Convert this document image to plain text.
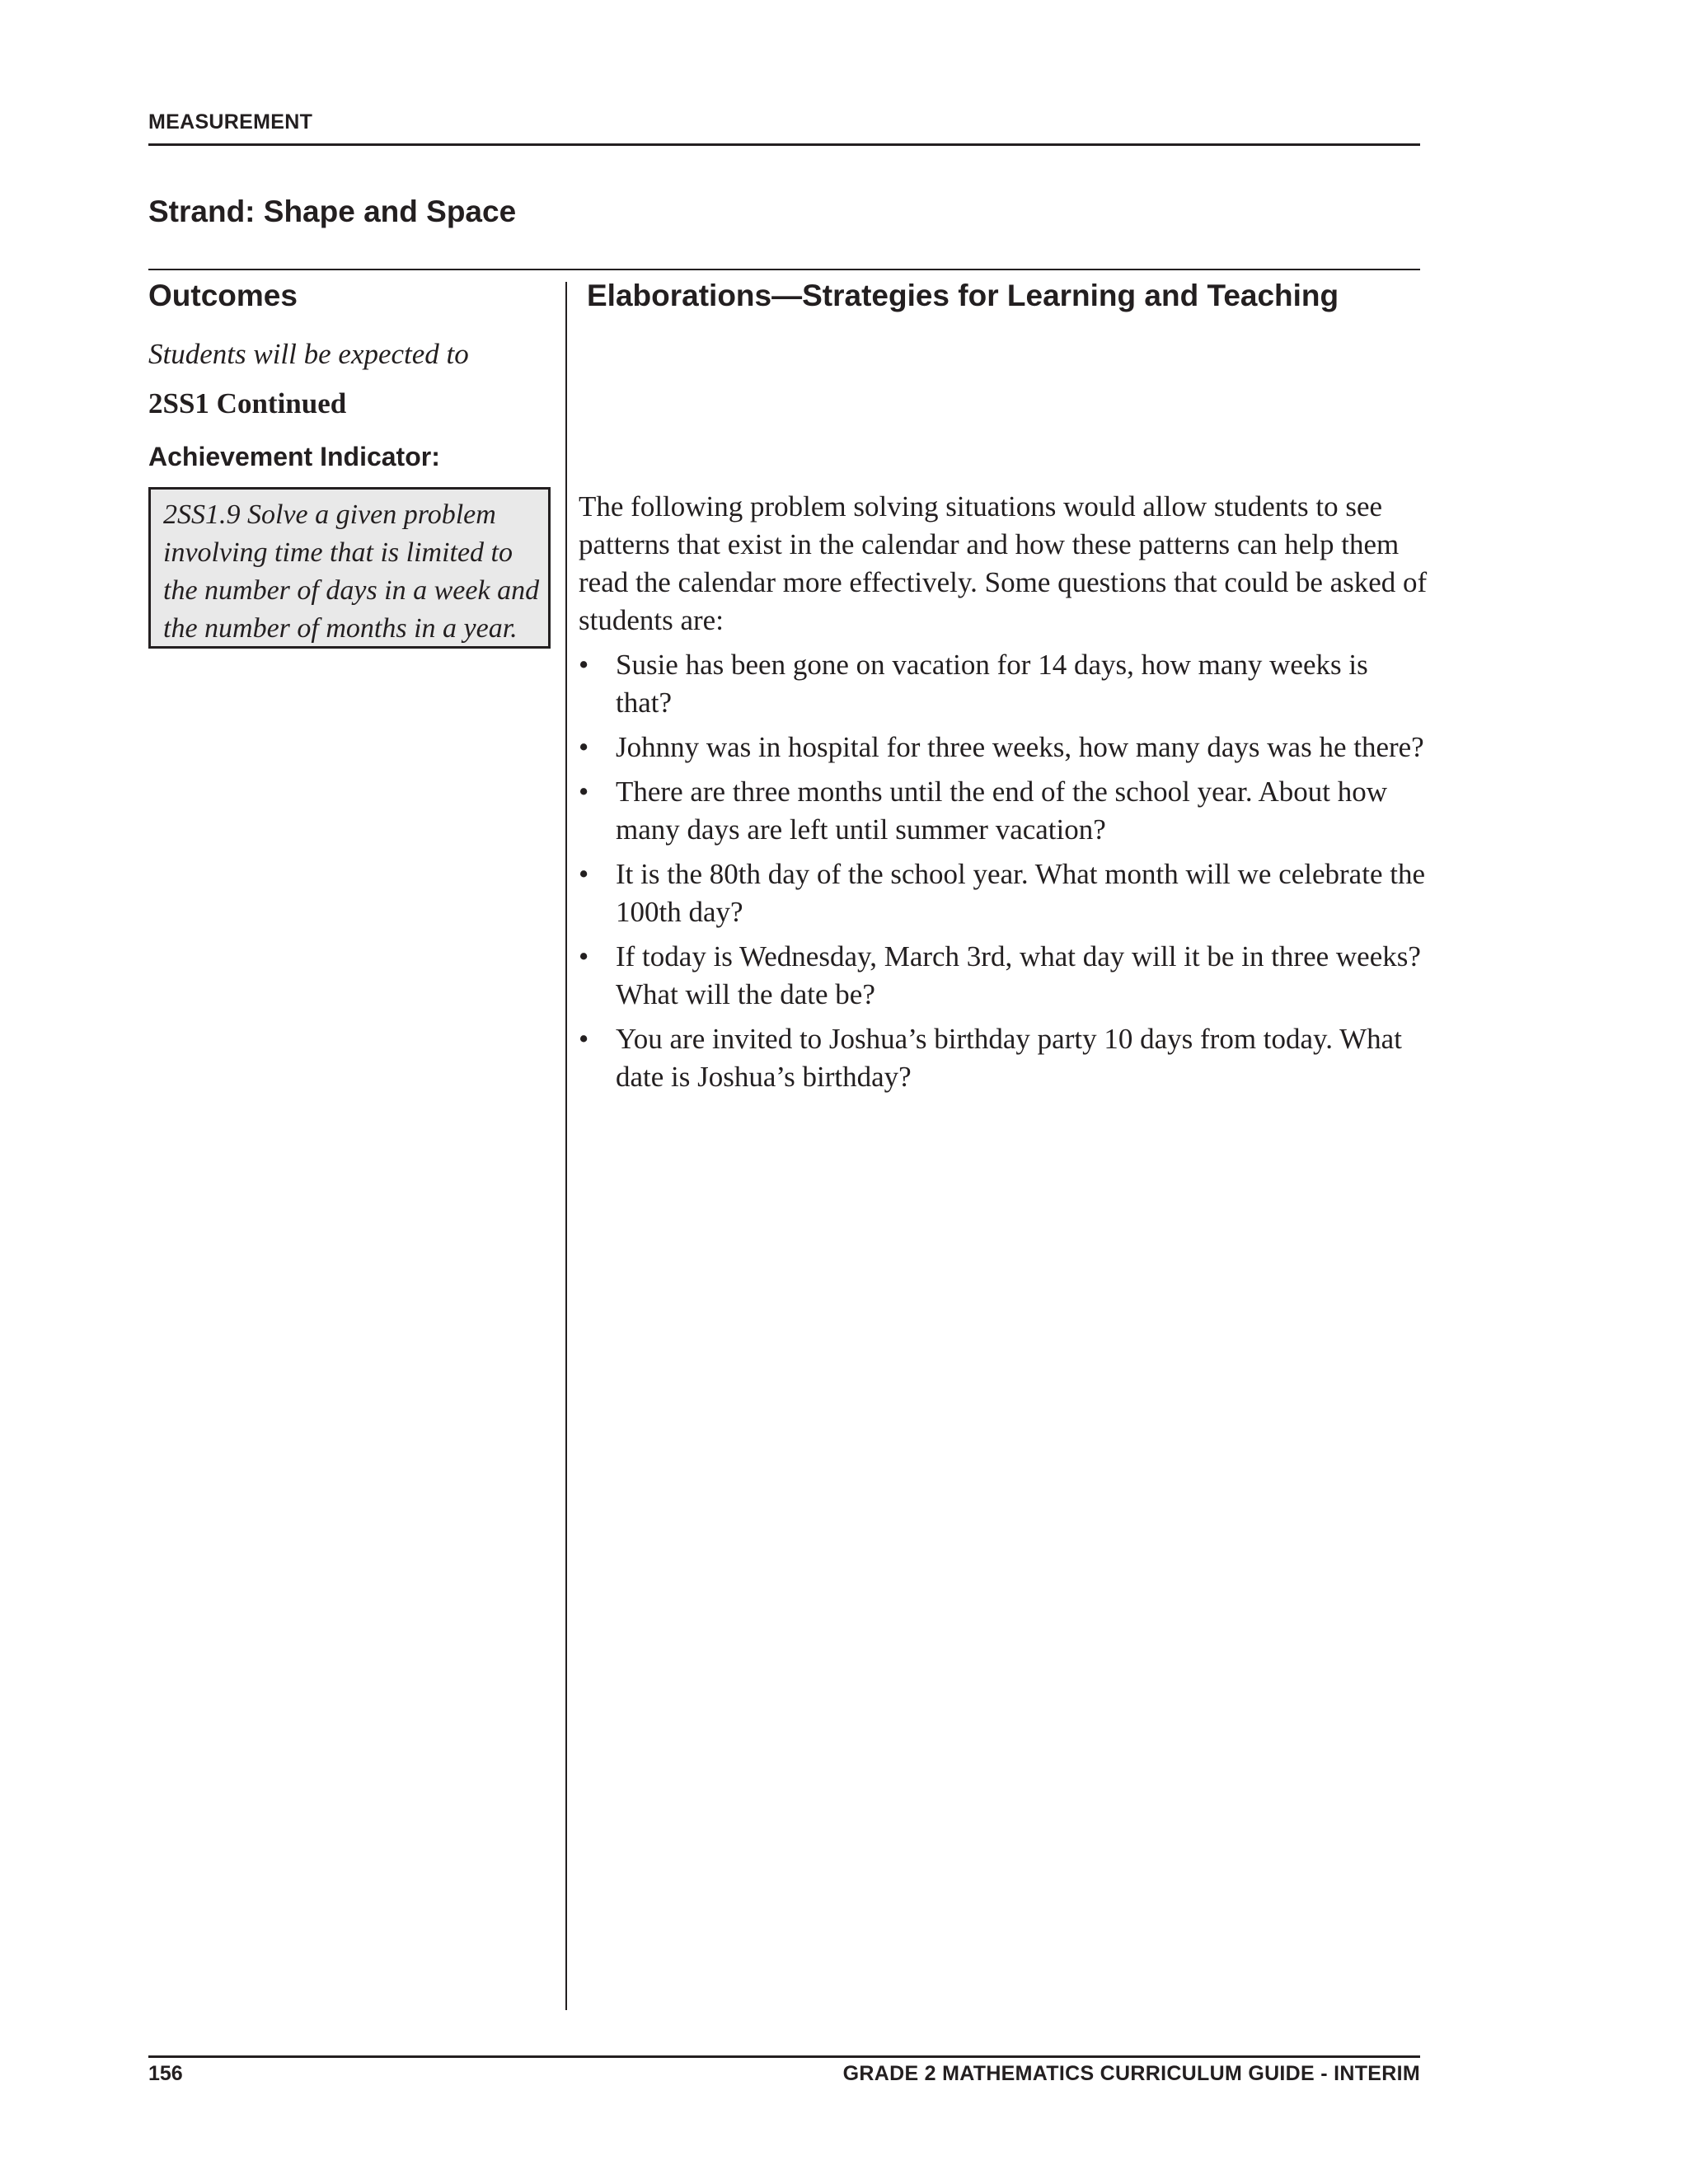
MEASUREMENT
Strand: Shape and Space
Outcomes
Students will be expected to
2SS1 Continued
Achievement Indicator:
2SS1.9 Solve a given problem involving time that is limited to the number of days in a week and the number of months in a year.
Elaborations—Strategies for Learning and Teaching

The following problem solving situations would allow students to see patterns that exist in the calendar and how these patterns can help them read the calendar more effectively. Some questions that could be asked of students are:

• Susie has been gone on vacation for 14 days, how many weeks is that?
• Johnny was in hospital for three weeks, how many days was he there?
• There are three months until the end of the school year. About how many days are left until summer vacation?
• It is the 80th day of the school year. What month will we celebrate the 100th day?
• If today is Wednesday, March 3rd, what day will it be in three weeks? What will the date be?
• You are invited to Joshua’s birthday party 10 days from today. What date is Joshua’s birthday?
156	GRADE 2 MATHEMATICS CURRICULUM GUIDE - INTERIM
